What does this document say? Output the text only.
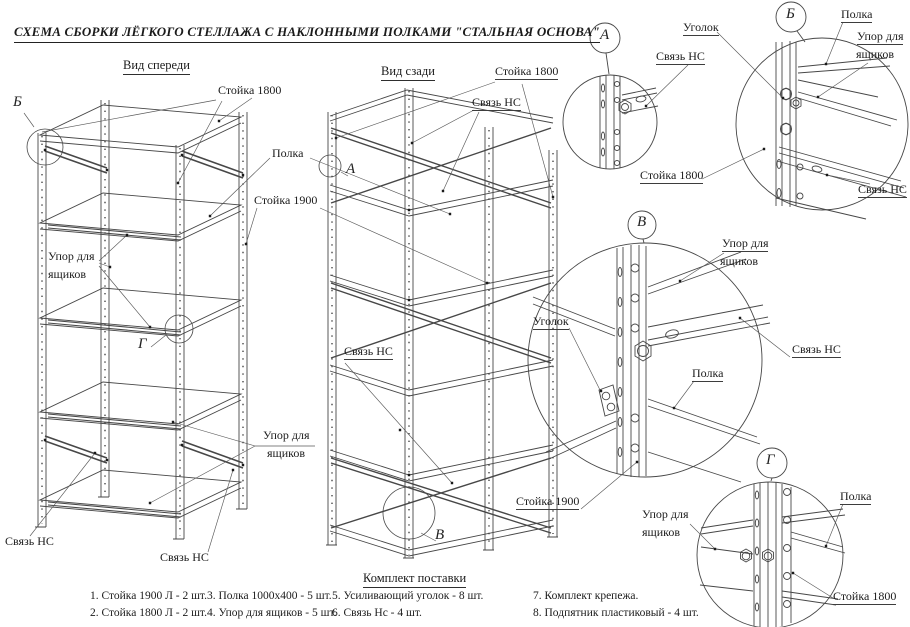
СХЕМА СБОРКИ ЛЁГКОГО СТЕЛЛАЖА С НАКЛОННЫМИ ПОЛКАМИ "СТАЛЬНАЯ ОСНОВА"
Вид спереди	Вид сзади
Стойка 1800
Полка
Стойка 1900
Упор для
ящиков
Упор для
ящиков
Связь НС
Связь НС
Б
Г
Стойка 1800
Связь НС
Связь НС
А
В
А	Уголок
Связь НС
Стойка 1800
Б	Полка
Упор для
ящиков
Связь НС
В
Упор для
ящиков
Уголок
Полка
Связь НС
Стойка 1900
Г
Полка
Упор для
ящиков
Стойка 1800
Комплект поставки
1. Стойка 1900 Л - 2 шт.
2. Стойка 1800 Л - 2 шт.
3. Полка 1000x400 - 5 шт.
4. Упор для ящиков - 5 шт.
5. Усиливающий уголок - 8 шт.
6. Связь Нс - 4 шт.
7. Комплект крепежа.
8. Подпятник пластиковый - 4 шт.
